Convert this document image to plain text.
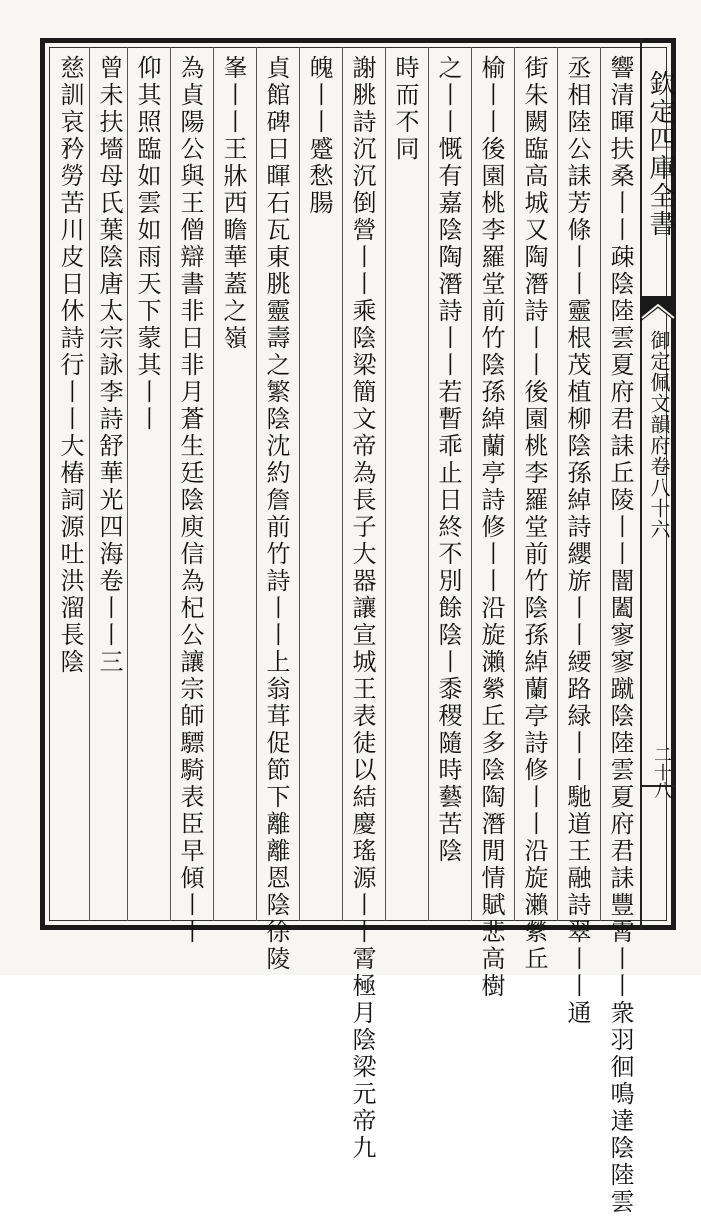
欽定四庫全書
御定佩文韻府卷八十六
二十八
響清暉扶桑丨丨疎陰陸雲夏府君誄丘陵丨丨闇闔寥寥蹴陰陸雲夏府君誄豐霄丨丨衆羽徊鳴達陰陸雲
丞相陸公誄芳條丨丨靈根茂植柳陰孫綽詩纓旂丨丨䌁路緑丨丨馳道王融詩翠丨丨通
街朱闕臨高城又陶潛詩丨丨後園桃李羅堂前竹陰孫綽蘭亭詩修丨丨沿旋瀨縈丘
榆丨丨後園桃李羅堂前竹陰孫綽蘭亭詩修丨丨沿旋瀨縈丘多陰陶潛閒情賦悲高樹
之丨丨慨有嘉陰陶潛詩丨丨若暫乖止日終不別餘陰丨黍稷隨時藝苦陰
時而不同
謝脁詩沉沉倒營丨丨乘陰梁簡文帝為長子大器讓宣城王表徒以結慶瑤源丨丨霄極月陰梁元帝九
魄丨丨蹙愁腸
貞館碑日暉石瓦東朓靈壽之繁陰沈約詹前竹詩丨丨上翁茸促節下離離恩陰徐陵
峯丨丨王牀西瞻華蓋之嶺
為貞陽公與王僧辯書非日非月蒼生廷陰庾信為杞公讓宗師驃騎表臣早傾丨丨
仰其照臨如雲如雨天下蒙其丨丨
曾未扶墻母氏葉陰唐太宗詠李詩舒華光四海卷丨丨三
慈訓哀矜勞苦川皮日休詩行丨丨大椿詞源吐洪溜長陰
